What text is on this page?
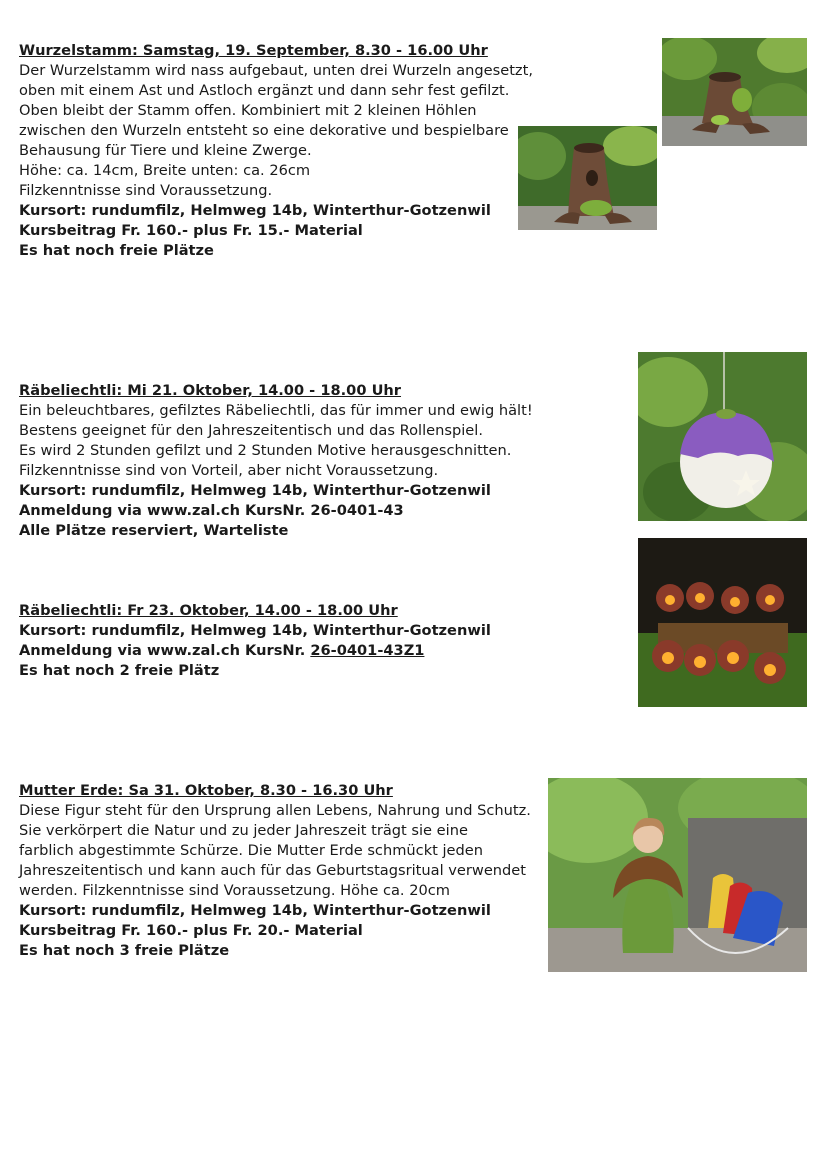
Wurzelstamm: Samstag, 19. September, 8.30 - 16.00 Uhr

Der Wurzelstamm wird nass aufgebaut, unten drei Wurzeln angesetzt,

oben mit einem Ast und Astloch ergänzt und dann sehr fest gefilzt.

Oben bleibt der Stamm offen. Kombiniert mit 2 kleinen Höhlen

zwischen den Wurzeln entsteht so eine dekorative und bespielbare

Behausung für Tiere und kleine Zwerge.

Höhe: ca. 14cm, Breite unten: ca. 26cm

Filzkenntnisse sind Voraussetzung.

Kursort: rundumfilz, Helmweg 14b, Winterthur-Gotzenwil

Kursbeitrag Fr. 160.- plus Fr. 15.- Material

Es hat noch freie Plätze

Räbeliechtli: Mi 21. Oktober, 14.00 - 18.00 Uhr

Ein beleuchtbares, gefilztes Räbeliechtli, das für immer und ewig hält!

Bestens geeignet für den Jahreszeitentisch und das Rollenspiel.

Es wird 2 Stunden gefilzt und 2 Stunden Motive herausgeschnitten.

Filzkenntnisse sind von Vorteil, aber nicht Voraussetzung.

Kursort: rundumfilz, Helmweg 14b, Winterthur-Gotzenwil

Anmeldung via www.zal.ch KursNr. 26-0401-43

Alle Plätze reserviert, Warteliste

Räbeliechtli: Fr 23. Oktober, 14.00 - 18.00 Uhr

Kursort: rundumfilz, Helmweg 14b, Winterthur-Gotzenwil

Anmeldung via www.zal.ch KursNr. 26-0401-43Z1

Es hat noch 2 freie Plätz

Mutter Erde: Sa 31. Oktober, 8.30 - 16.30 Uhr

Diese Figur steht für den Ursprung allen Lebens, Nahrung und Schutz.

Sie verkörpert die Natur und zu jeder Jahreszeit trägt sie eine

farblich abgestimmte Schürze. Die Mutter Erde schmückt jeden

Jahreszeitentisch und kann auch für das Geburtstagsritual verwendet

werden. Filzkenntnisse sind Voraussetzung. Höhe ca. 20cm

Kursort: rundumfilz, Helmweg 14b, Winterthur-Gotzenwil

Kursbeitrag Fr. 160.- plus Fr. 20.- Material

Es hat noch 3 freie Plätze
